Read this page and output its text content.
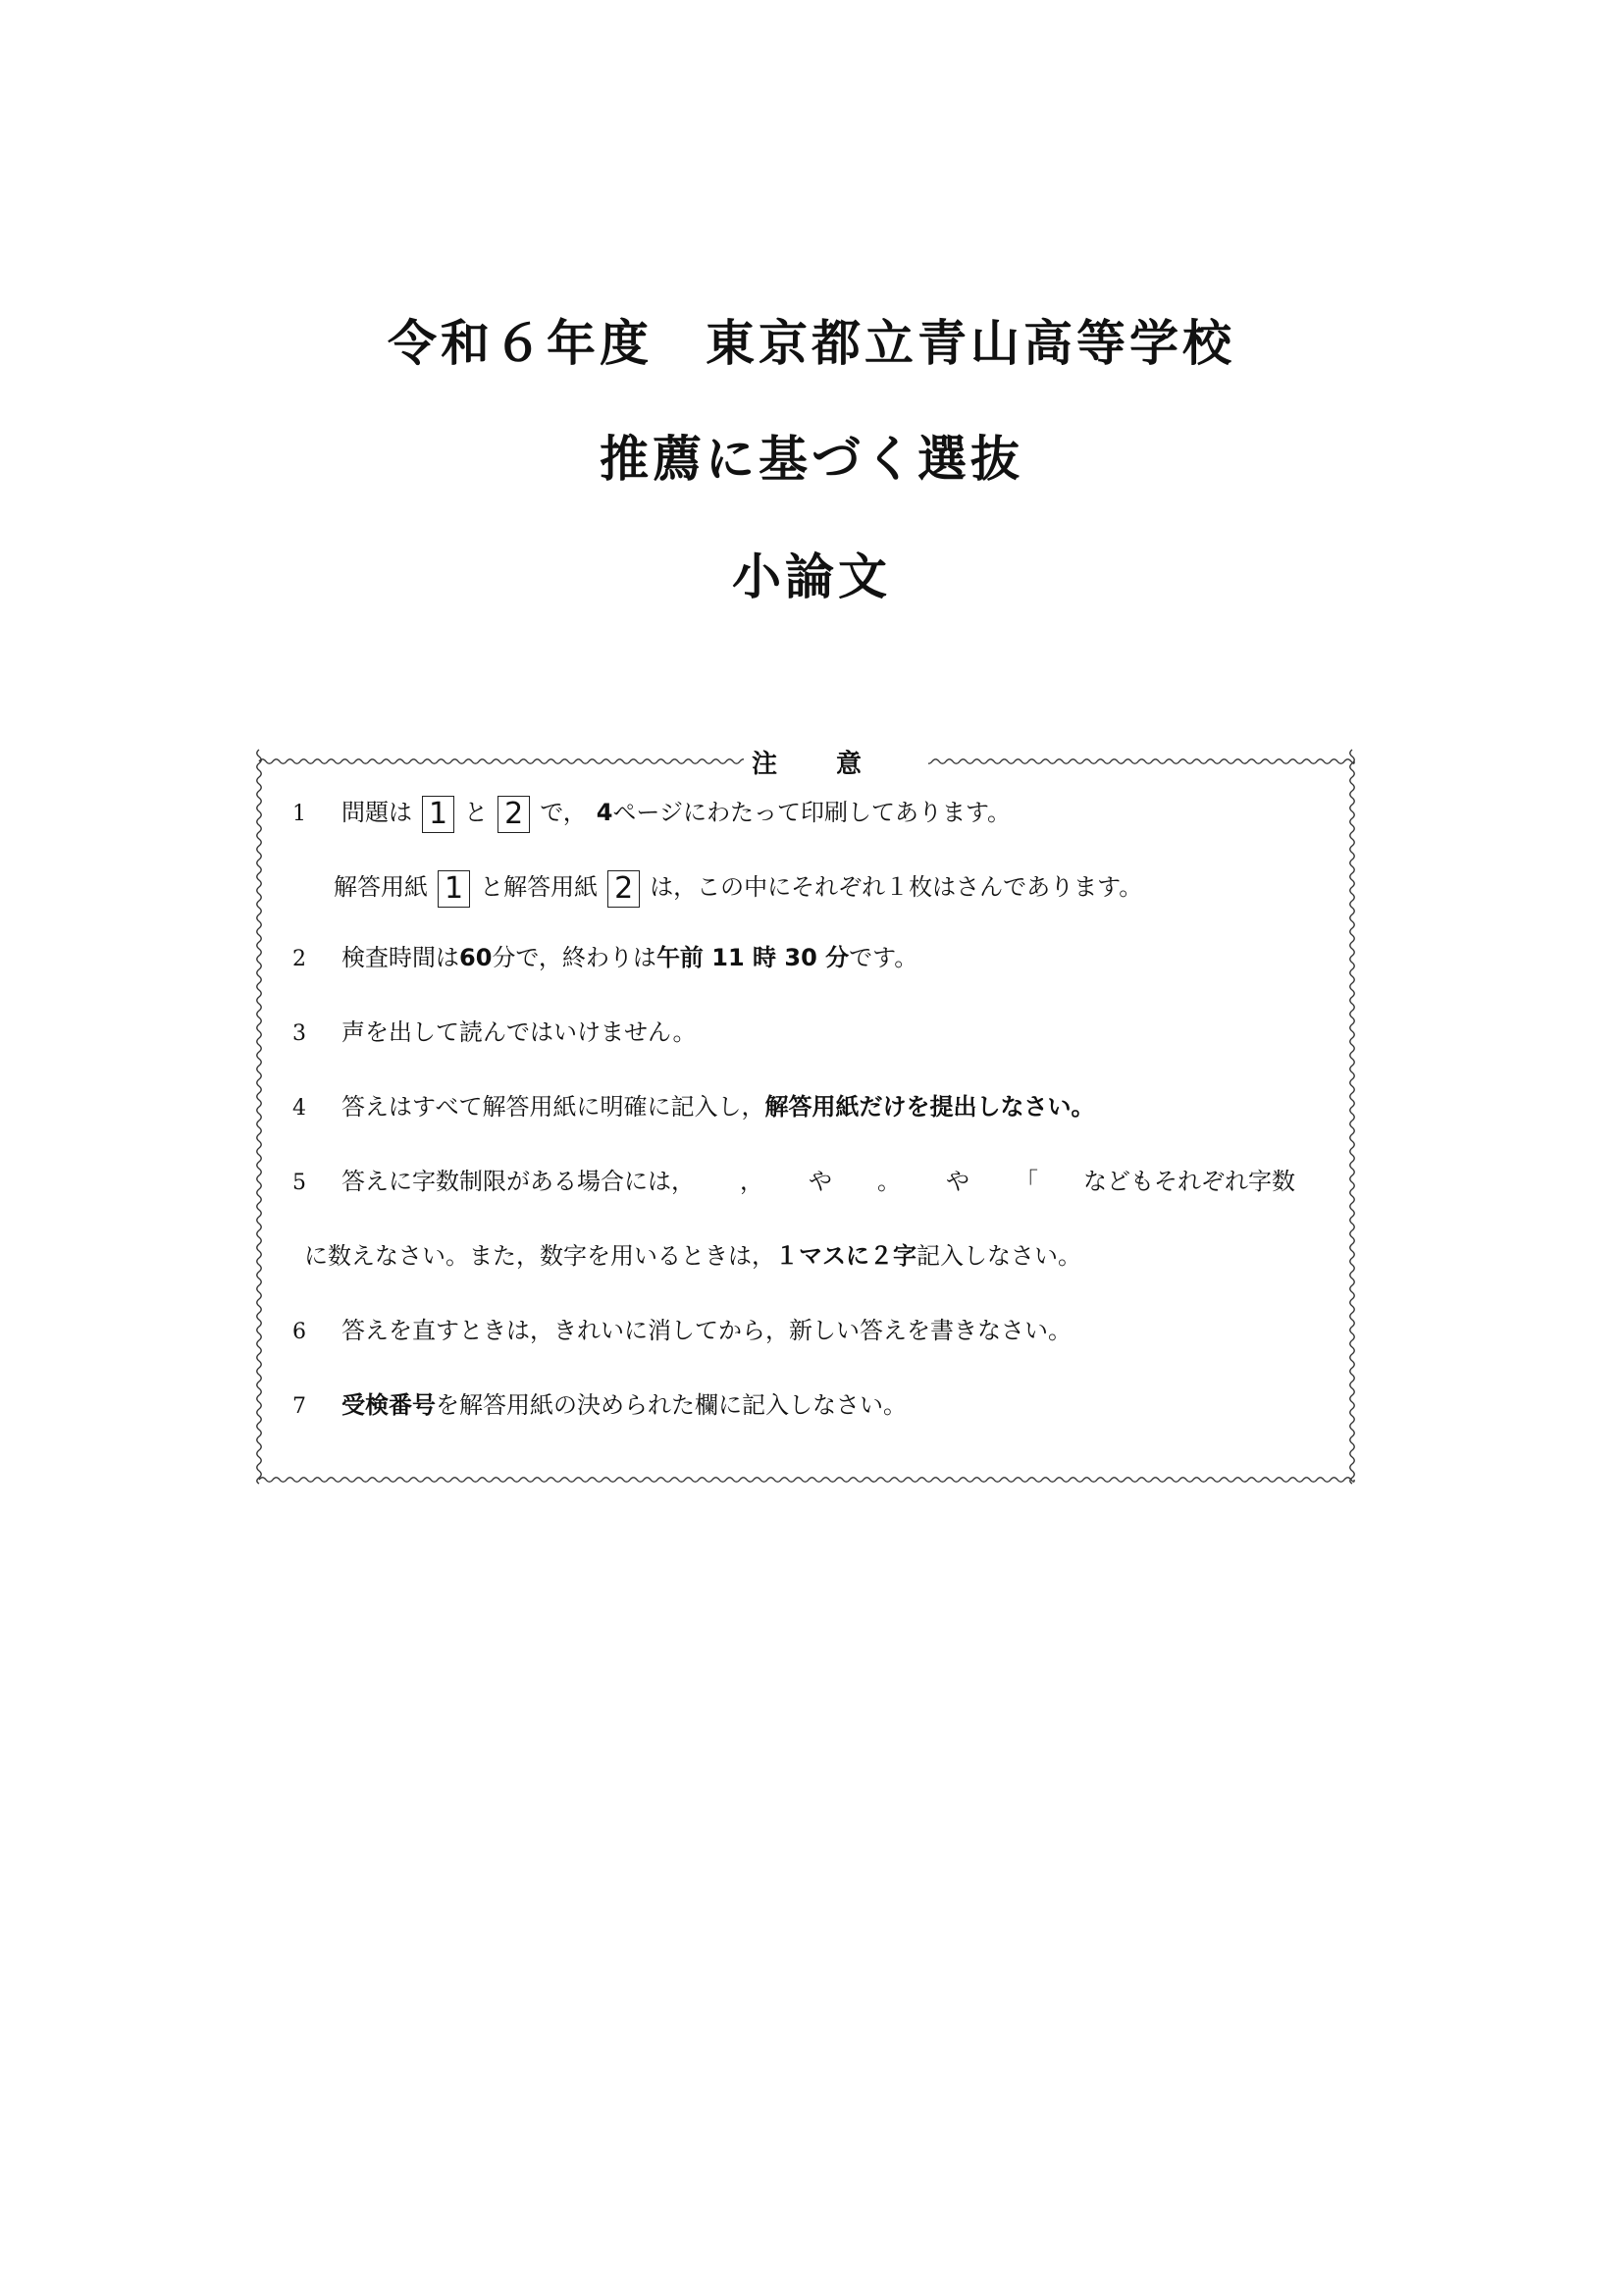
令和６年度　東京都立青山高等学校
推薦に基づく選抜
小論文
注意
1 問題は 1 と 2 で， 4ページにわたって印刷してあります。
解答用紙 1 と解答用紙 2 は，この中にそれぞれ１枚はさんであります。
2 検査時間は60分で，終わりは午前 11 時 30 分です。
3 声を出して読んではいけません。
4 答えはすべて解答用紙に明確に記入し，解答用紙だけを提出しなさい。
5 答えに字数制限がある場合には， ， や 。 や 「 などもそれぞれ字数
に数えなさい。また，数字を用いるときは，１マスに２字記入しなさい。
6 答えを直すときは，きれいに消してから，新しい答えを書きなさい。
7 受検番号を解答用紙の決められた欄に記入しなさい。
